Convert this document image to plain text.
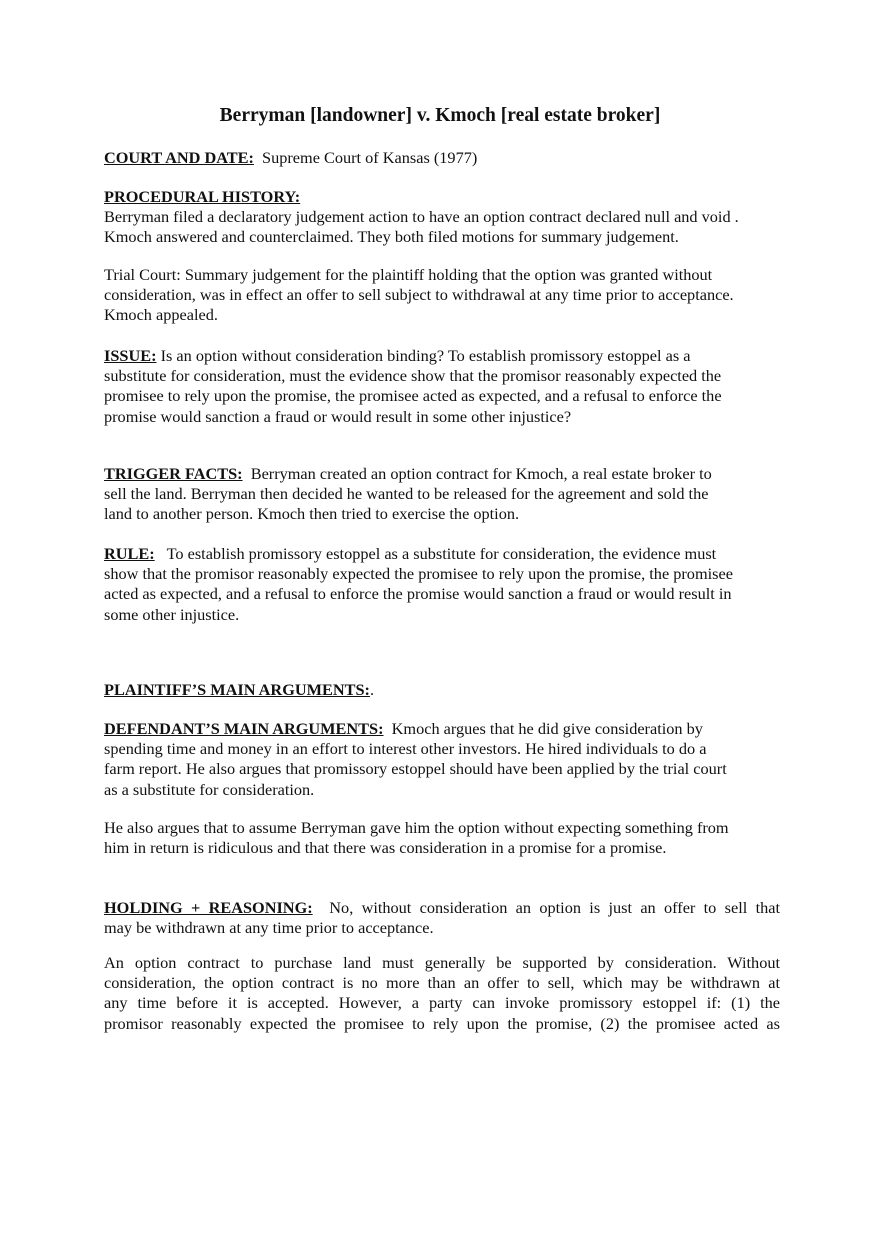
Berryman [landowner] v. Kmoch [real estate broker]
COURT AND DATE: Supreme Court of Kansas (1977)
PROCEDURAL HISTORY:
Berryman filed a declaratory judgement action to have an option contract declared null and void .
Kmoch answered and counterclaimed. They both filed motions for summary judgement.
Trial Court: Summary judgement for the plaintiff holding that the option was granted without
consideration, was in effect an offer to sell subject to withdrawal at any time prior to acceptance.
Kmoch appealed.
ISSUE: Is an option without consideration binding? To establish promissory estoppel as a
substitute for consideration, must the evidence show that the promisor reasonably expected the
promisee to rely upon the promise, the promisee acted as expected, and a refusal to enforce the
promise would sanction a fraud or would result in some other injustice?
TRIGGER FACTS: Berryman created an option contract for Kmoch, a real estate broker to
sell the land. Berryman then decided he wanted to be released for the agreement and sold the
land to another person. Kmoch then tried to exercise the option.
RULE: To establish promissory estoppel as a substitute for consideration, the evidence must
show that the promisor reasonably expected the promisee to rely upon the promise, the promisee
acted as expected, and a refusal to enforce the promise would sanction a fraud or would result in
some other injustice.
PLAINTIFF’S MAIN ARGUMENTS:.
DEFENDANT’S MAIN ARGUMENTS: Kmoch argues that he did give consideration by
spending time and money in an effort to interest other investors. He hired individuals to do a
farm report. He also argues that promissory estoppel should have been applied by the trial court
as a substitute for consideration.
He also argues that to assume Berryman gave him the option without expecting something from
him in return is ridiculous and that there was consideration in a promise for a promise.
HOLDING + REASONING: No, without consideration an option is just an offer to sell that
may be withdrawn at any time prior to acceptance.
An option contract to purchase land must generally be supported by consideration. Without
consideration, the option contract is no more than an offer to sell, which may be withdrawn at
any time before it is accepted. However, a party can invoke promissory estoppel if: (1) the
promisor reasonably expected the promisee to rely upon the promise, (2) the promisee acted as
